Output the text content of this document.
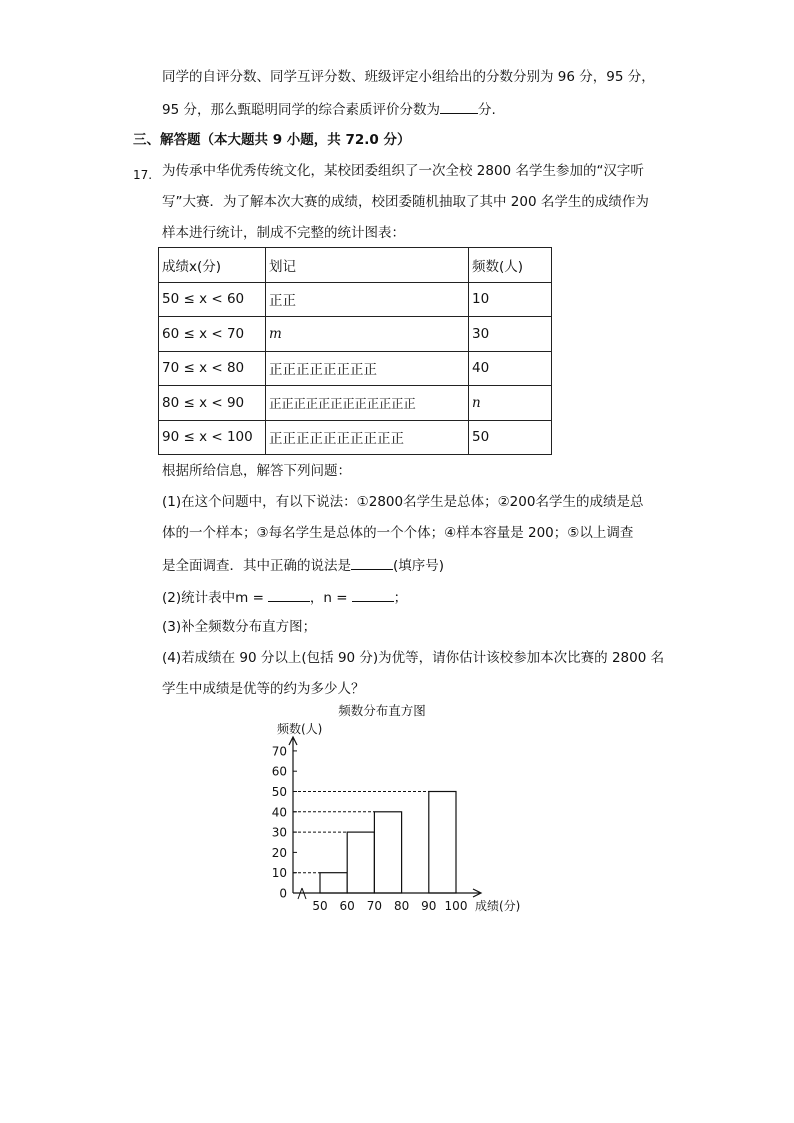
同学的自评分数、同学互评分数、班级评定小组给出的分数分别为 96 分，95 分，
95 分，那么甄聪明同学的综合素质评价分数为	分.
三、解答题（本大题共 9 小题，共 72.0 分）
17. 为传承中华优秀传统文化，某校团委组织了一次全校 2800 名学生参加的“汉字听
写”大赛．为了解本次大赛的成绩，校团委随机抽取了其中 200 名学生的成绩作为
样本进行统计，制成不完整的统计图表：
成绩x(分)	划记	频数(人)
50 ≤ x < 60	正正	10
60 ≤ x < 70	m	30
70 ≤ x < 80	正正正正正正正正	40
80 ≤ x < 90	正正正正正正正正正正正正	n
90 ≤ x < 100	正正正正正正正正正正	50
根据所给信息，解答下列问题：
(1)在这个问题中，有以下说法：①2800名学生是总体；②200名学生的成绩是总
体的一个样本；③每名学生是总体的一个个体；④样本容量是 200；⑤以上调查
是全面调查．其中正确的说法是	(填序号)
(2)统计表中m =	，n =	；
(3)补全频数分布直方图；
(4)若成绩在 90 分以上(包括 90 分)为优等，请你估计该校参加本次比赛的 2800 名
学生中成绩是优等的约为多少人？
频数分布直方图
频数(人)
0
10
20
30
40
50
60
70
50 60 70 80 90 100 成绩(分)
